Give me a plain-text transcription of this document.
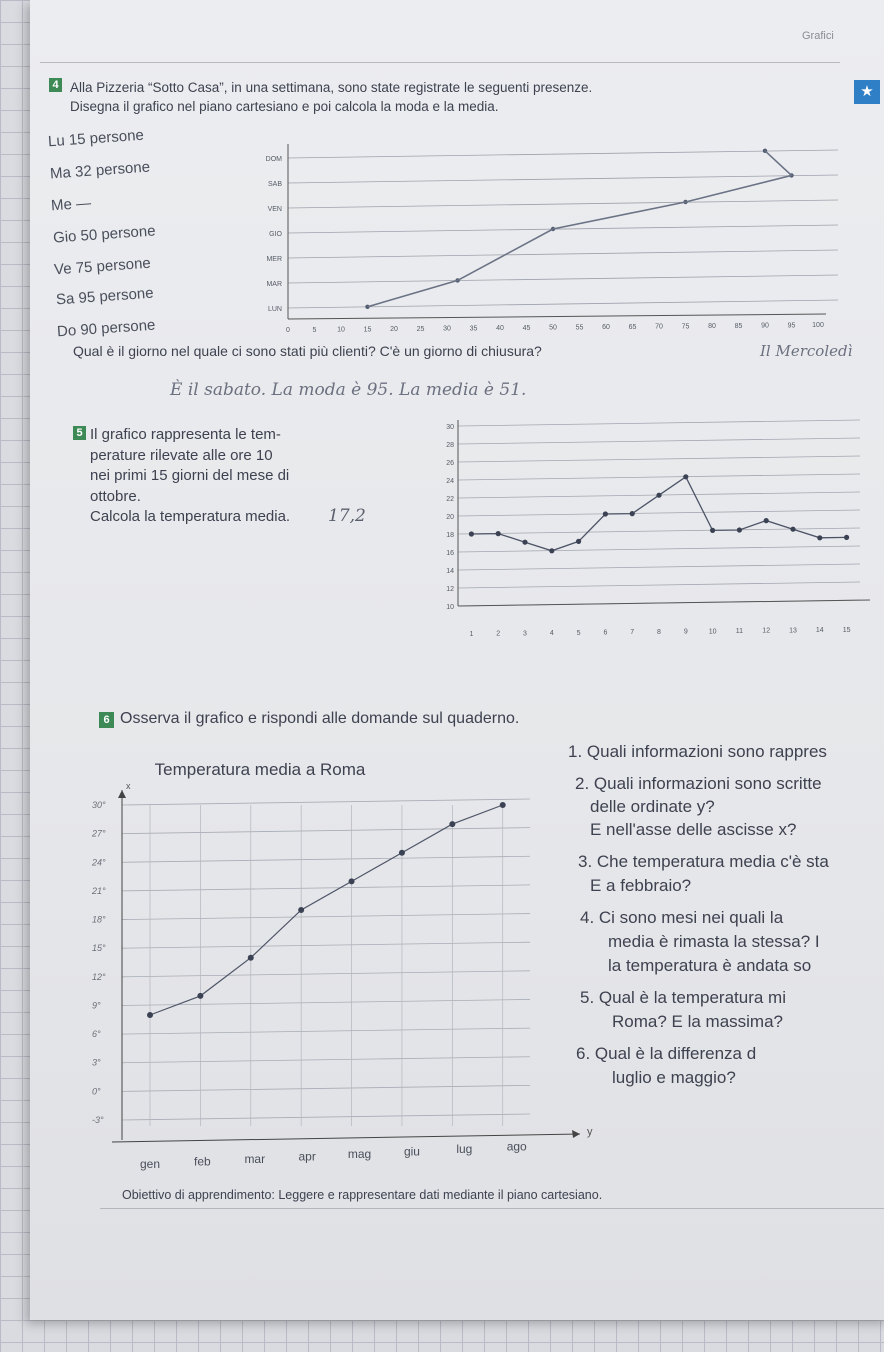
Grafici
4 Alla Pizzeria “Sotto Casa”, in una settimana, sono state registrate le seguenti presenze.
Disegna il grafico nel piano cartesiano e poi calcola la moda e la media.
★
LUN
MAR
MER
GIO
VEN
SAB
DOM
0	5	10	15	20	25	30	35	40	45	50	55	60	65	70	75	80	85	90	95 100
Qual è il giorno nel quale ci sono stati più clienti? C'è un giorno di chiusura?	Il Mercoledì
È il sabato. La moda è 95. La media è 51.
5
Calcola la temperatura media. 17,2
10
12
14
16
18
20
22
24
26
28
30
1	2	3	4	5	6	7	8	9	10	11	12	13	14	15
6 Osserva il grafico e rispondi alle domande sul quaderno.
Temperatura media a Roma
-3°
0°
3°
6°
9°
12°
15°
18°
21°
24°
27°
30°
x
y
gen	feb	mar	apr	mag	giu	lug	ago
Obiettivo di apprendimento: Leggere e rappresentare dati mediante il piano cartesiano.
Lu 15 persone
Ma 32 persone
Me —
Gio 50 persone
Ve 75 persone
Sa 95 persone
Do 90 persone
Il grafico rappresenta le tem-
perature rilevate alle ore 10
nei primi 15 giorni del mese di
ottobre.
1. Quali informazioni sono rappres
2. Quali informazioni sono scritte
delle ordinate y?
E nell'asse delle ascisse x?
3. Che temperatura media c'è sta
E a febbraio?
4. Ci sono mesi nei quali la
media è rimasta la stessa? I
la temperatura è andata so
5. Qual è la temperatura mi
Roma? E la massima?
6. Qual è la differenza d
luglio e maggio?
